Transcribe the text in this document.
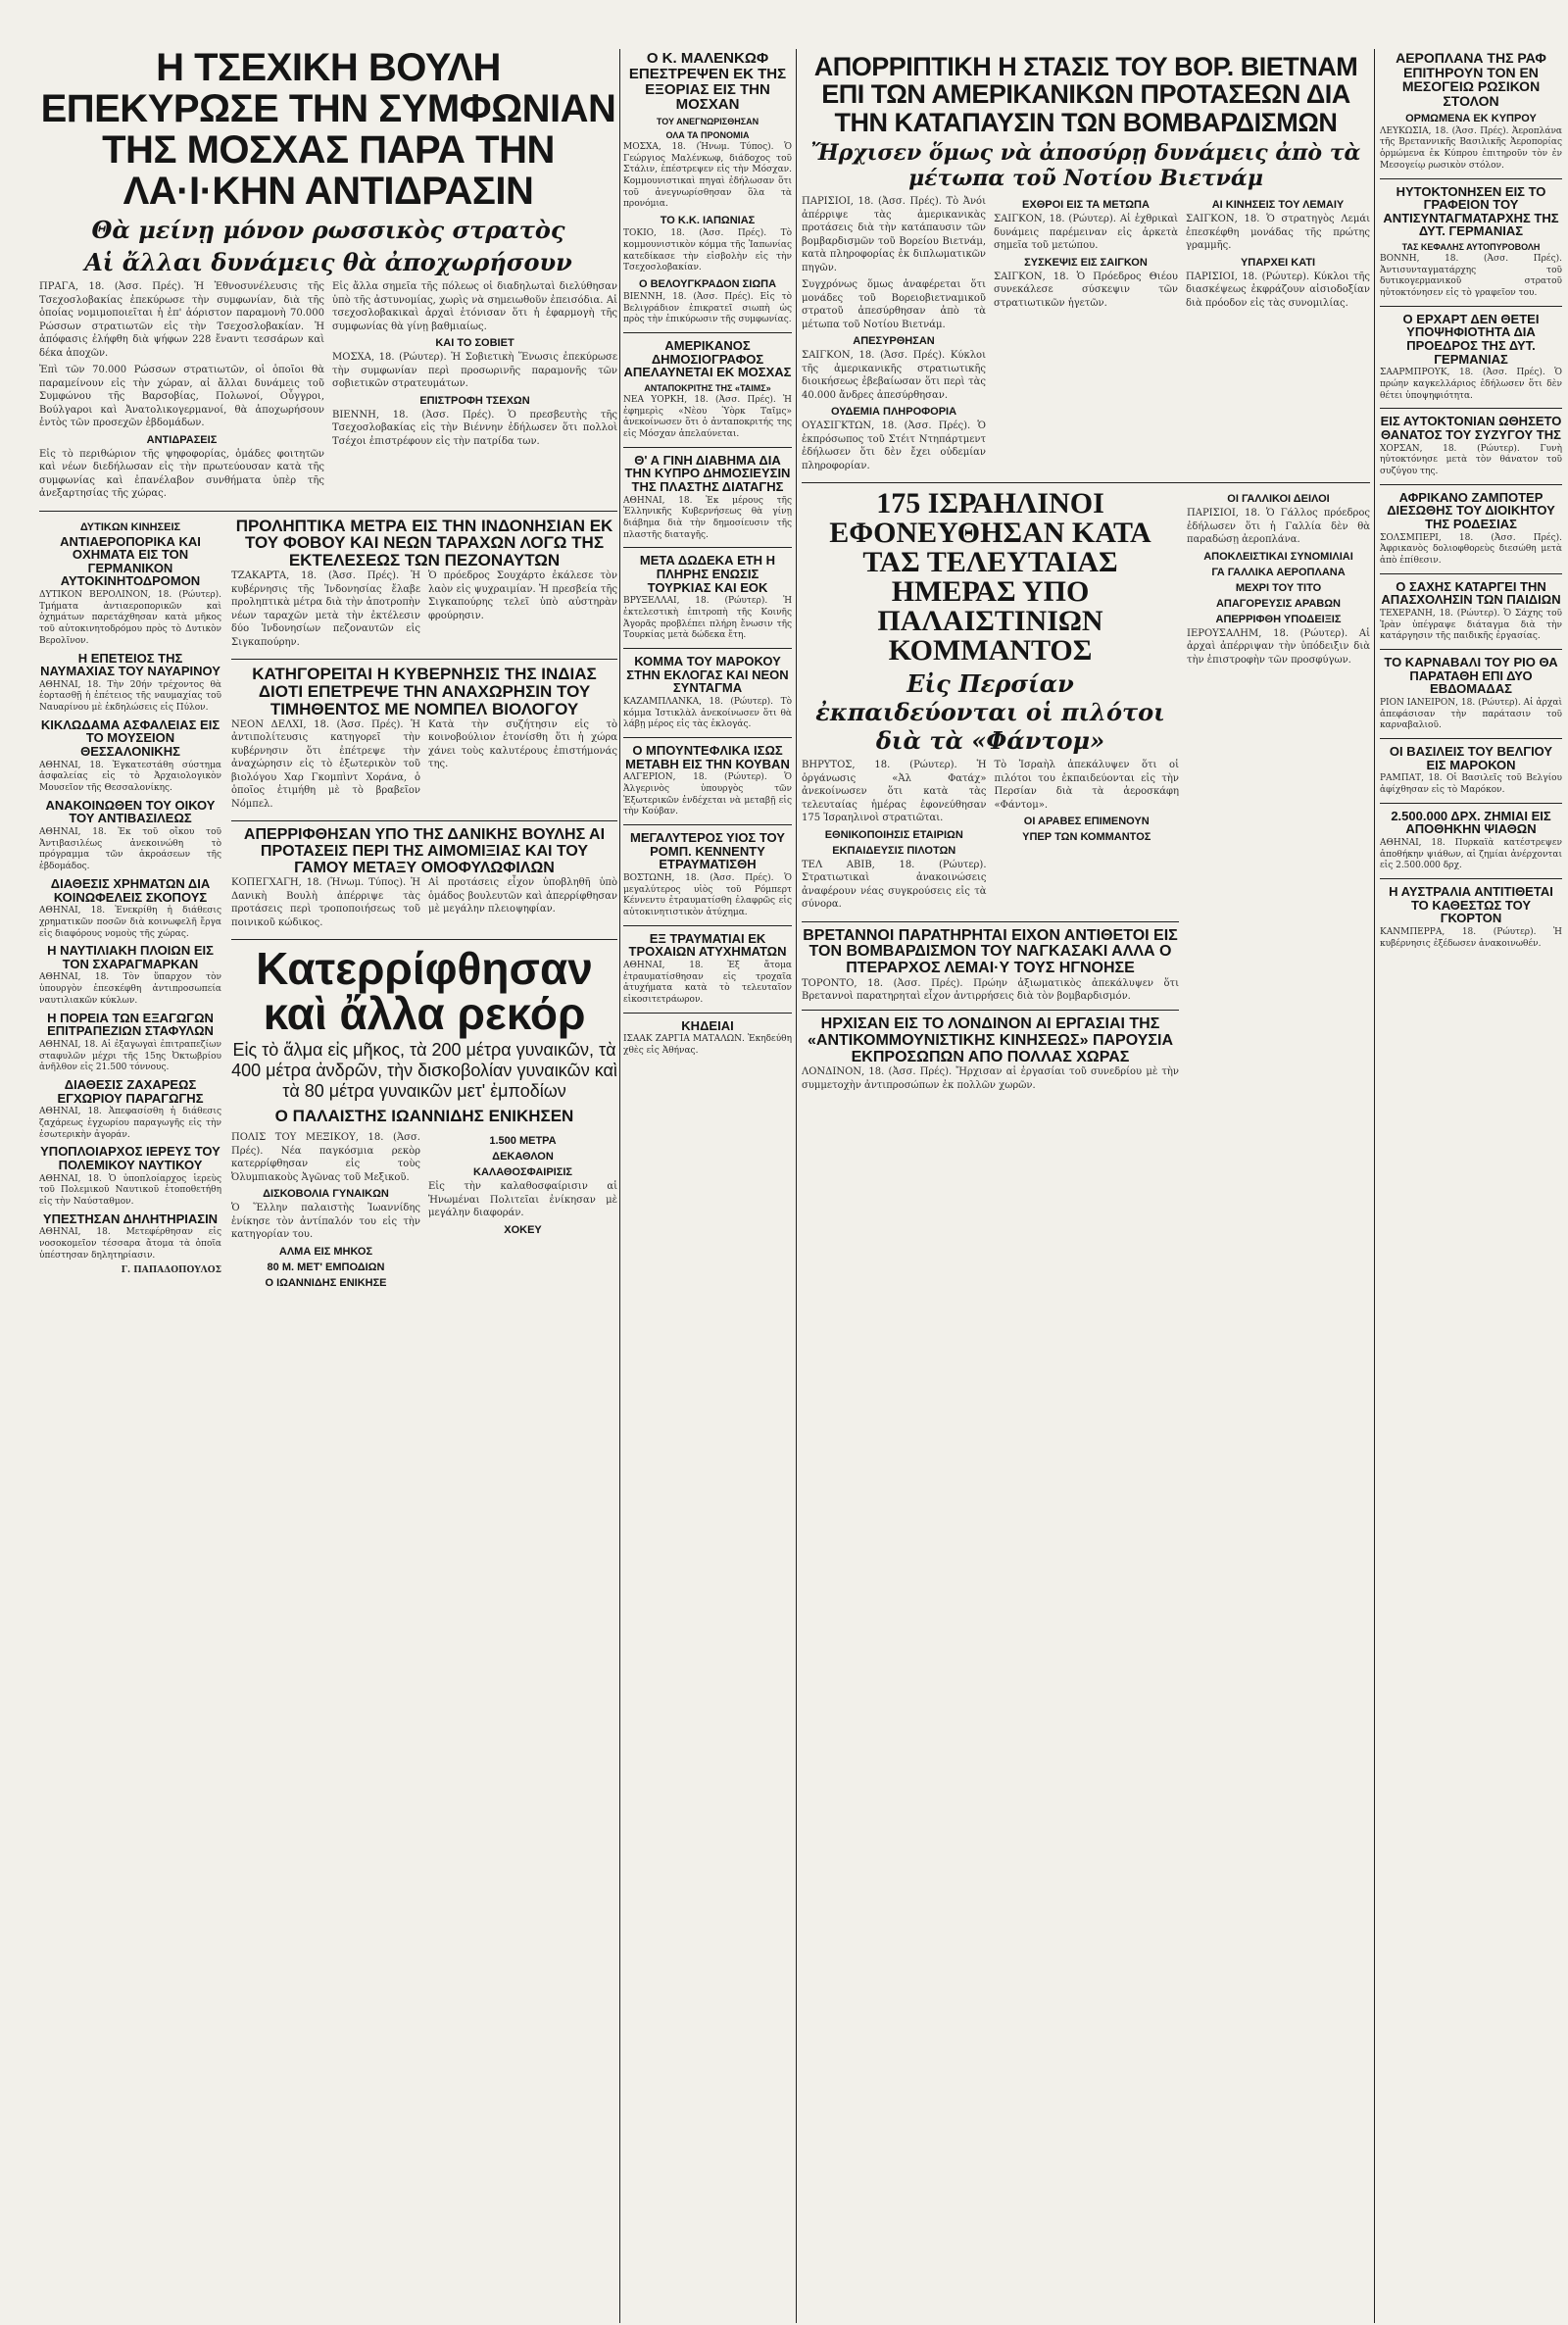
Η ΤΣΕΧΙΚΗ ΒΟΥΛΗ ΕΠΕΚΥΡΩΣΕ ΤΗΝ ΣΥΜΦΩΝΙΑΝ ΤΗΣ ΜΟΣΧΑΣ ΠΑΡΑ ΤΗΝ ΛΑ·Ι·ΚΗΝ ΑΝΤΙΔΡΑΣΙΝ
Θὰ μείνῃ μόνον ρωσσικὸς στρατὸς
Αἱ ἄλλαι δυνάμεις θὰ ἀποχωρήσουν

ΠΡΑΓΑ, 18. (Ἀσσ. Πρές). Ἡ Ἐθνοσυνέλευσις τῆς Τσεχοσλοβακίας ἐπεκύρωσε τὴν συμφωνίαν, διὰ τῆς ὁποίας νομιμοποιεῖται ἡ ἐπ' ἀόριστον παραμονὴ 70.000 Ρώσσων στρατιωτῶν εἰς τὴν Τσεχοσλοβακίαν. Ἡ ἀπόφασις ἐλήφθη διὰ ψήφων 228 ἔναντι τεσσάρων καὶ δέκα ἀποχῶν.

Ἐπὶ τῶν 70.000 Ρώσσων στρατιωτῶν, οἱ ὁποῖοι θὰ παραμείνουν εἰς τὴν χώραν, αἱ ἄλλαι δυνάμεις τοῦ Συμφώνου τῆς Βαρσοβίας, Πολωνοί, Οὖγγροι, Βούλγαροι καὶ Ἀνατολικογερμανοί, θὰ ἀποχωρήσουν ἐντὸς τῶν προσεχῶν ἑβδομάδων.

ΑΝΤΙΔΡΑΣΕΙΣ

Εἰς τὸ περιθώριον τῆς ψηφοφορίας, ὁμάδες φοιτητῶν καὶ νέων διεδήλωσαν εἰς τὴν πρωτεύουσαν κατὰ τῆς συμφωνίας καὶ ἐπανέλαβον συνθήματα ὑπὲρ τῆς ἀνεξαρτησίας τῆς χώρας.

Εἰς ἄλλα σημεῖα τῆς πόλεως οἱ διαδηλωταὶ διελύθησαν ὑπὸ τῆς ἀστυνομίας, χωρὶς νὰ σημειωθοῦν ἐπεισόδια. Αἱ τσεχοσλοβακικαὶ ἀρχαὶ ἐτόνισαν ὅτι ἡ ἐφαρμογὴ τῆς συμφωνίας θὰ γίνῃ βαθμιαίως.

ΚΑΙ ΤΟ ΣΟΒΙΕΤ

ΜΟΣΧΑ, 18. (Ρώυτερ). Ἡ Σοβιετικὴ Ἕνωσις ἐπεκύρωσε τὴν συμφωνίαν περὶ προσωρινῆς παραμονῆς τῶν σοβιετικῶν στρατευμάτων.

ΕΠΙΣΤΡΟΦΗ ΤΣΕΧΩΝ

ΒΙΕΝΝΗ, 18. (Ἀσσ. Πρές). Ὁ πρεσβευτὴς τῆς Τσεχοσλοβακίας εἰς τὴν Βιέννην ἐδήλωσεν ὅτι πολλοὶ Τσέχοι ἐπιστρέφουν εἰς τὴν πατρίδα των.

ΔΥΤΙΚΩΝ ΚΙΝΗΣΕΙΣ
ΑΝΤΙΑΕΡΟΠΟΡΙΚΑ ΚΑΙ ΟΧΗΜΑΤΑ ΕΙΣ ΤΟΝ ΓΕΡΜΑΝΙΚΟΝ ΑΥΤΟΚΙΝΗΤΟΔΡΟΜΟΝ

ΔΥΤΙΚΟΝ ΒΕΡΟΛΙΝΟΝ, 18. (Ρώυτερ). Τμήματα ἀντιαεροπορικῶν καὶ ὀχημάτων παρετάχθησαν κατὰ μῆκος τοῦ αὐτοκινητοδρόμου πρὸς τὸ Δυτικὸν Βερολῖνον.

Η ΕΠΕΤΕΙΟΣ ΤΗΣ ΝΑΥΜΑΧΙΑΣ ΤΟΥ ΝΑΥΑΡΙΝΟΥ

ΑΘΗΝΑΙ, 18. Τὴν 20ήν τρέχοντος θὰ ἑορτασθῇ ἡ ἐπέτειος τῆς ναυμαχίας τοῦ Ναυαρίνου μὲ ἐκδηλώσεις εἰς Πύλον.

ΚΙΚΛΩΔΑΜΑ ΑΣΦΑΛΕΙΑΣ ΕΙΣ ΤΟ ΜΟΥΣΕΙΟΝ ΘΕΣΣΑΛΟΝΙΚΗΣ

ΑΘΗΝΑΙ, 18. Ἐγκατεστάθη σύστημα ἀσφαλείας εἰς τὸ Ἀρχαιολογικὸν Μουσεῖον τῆς Θεσσαλονίκης.

ΑΝΑΚΟΙΝΩΘΕΝ ΤΟΥ ΟΙΚΟΥ ΤΟΥ ΑΝΤΙΒΑΣΙΛΕΩΣ

ΑΘΗΝΑΙ, 18. Ἐκ τοῦ οἴκου τοῦ Ἀντιβασιλέως ἀνεκοινώθη τὸ πρόγραμμα τῶν ἀκροάσεων τῆς ἑβδομάδος.

ΔΙΑΘΕΣΙΣ ΧΡΗΜΑΤΩΝ ΔΙΑ ΚΟΙΝΩΦΕΛΕΙΣ ΣΚΟΠΟΥΣ

ΑΘΗΝΑΙ, 18. Ἐνεκρίθη ἡ διάθεσις χρηματικῶν ποσῶν διὰ κοινωφελῆ ἔργα εἰς διαφόρους νομοὺς τῆς χώρας.

Η ΝΑΥΤΙΛΙΑΚΗ ΠΛΟΙΩΝ ΕΙΣ ΤΟΝ ΣΧΑΡΑΓΜΑΡΚΑΝ

ΑΘΗΝΑΙ, 18. Τὸν ὕπαρχον τὸν ὑπουργὸν ἐπεσκέφθη ἀντιπροσωπεία ναυτιλιακῶν κύκλων.

Η ΠΟΡΕΙΑ ΤΩΝ ΕΞΑΓΩΓΩΝ ΕΠΙΤΡΑΠΕΖΙΩΝ ΣΤΑΦΥΛΩΝ

ΑΘΗΝΑΙ, 18. Αἱ ἐξαγωγαὶ ἐπιτραπεζίων σταφυλῶν μέχρι τῆς 15ης Ὀκτωβρίου ἀνῆλθον εἰς 21.500 τόννους.

ΔΙΑΘΕΣΙΣ ΖΑΧΑΡΕΩΣ ΕΓΧΩΡΙΟΥ ΠΑΡΑΓΩΓΗΣ

ΑΘΗΝΑΙ, 18. Ἀπεφασίσθη ἡ διάθεσις ζαχάρεως ἐγχωρίου παραγωγῆς εἰς τὴν ἐσωτερικὴν ἀγοράν.

ΥΠΟΠΛΟΙΑΡΧΟΣ ΙΕΡΕΥΣ ΤΟΥ ΠΟΛΕΜΙΚΟΥ ΝΑΥΤΙΚΟΥ

ΑΘΗΝΑΙ, 18. Ὁ ὑποπλοίαρχος ἱερεὺς τοῦ Πολεμικοῦ Ναυτικοῦ ἐτοποθετήθη εἰς τὴν Ναύσταθμον.

ΥΠΕΣΤΗΣΑΝ ΔΗΛΗΤΗΡΙΑΣΙΝ

ΑΘΗΝΑΙ, 18. Μετεφέρθησαν εἰς νοσοκομεῖον τέσσαρα ἄτομα τὰ ὁποῖα ὑπέστησαν δηλητηρίασιν.

Γ. ΠΑΠΑΔΟΠΟΥΛΟΣ

ΠΡΟΛΗΠΤΙΚΑ ΜΕΤΡΑ ΕΙΣ ΤΗΝ ΙΝΔΟΝΗΣΙΑΝ ΕΚ ΤΟΥ ΦΟΒΟΥ ΚΑΙ ΝΕΩΝ ΤΑΡΑΧΩΝ ΛΟΓΩ ΤΗΣ ΕΚΤΕΛΕΣΕΩΣ ΤΩΝ ΠΕΖΟΝΑΥΤΩΝ

ΤΖΑΚΑΡΤΑ, 18. (Ἀσσ. Πρές). Ἡ κυβέρνησις τῆς Ἰνδονησίας ἔλαβε προληπτικὰ μέτρα διὰ τὴν ἀποτροπὴν νέων ταραχῶν μετὰ τὴν ἐκτέλεσιν δύο Ἰνδονησίων πεζοναυτῶν εἰς Σιγκαπούρην.

Ὁ πρόεδρος Σουχάρτο ἐκάλεσε τὸν λαὸν εἰς ψυχραιμίαν. Ἡ πρεσβεία τῆς Σιγκαπούρης τελεῖ ὑπὸ αὐστηρὰν φρούρησιν.

ΚΑΤΗΓΟΡΕΙΤΑΙ Η ΚΥΒΕΡΝΗΣΙΣ ΤΗΣ ΙΝΔΙΑΣ ΔΙΟΤΙ ΕΠΕΤΡΕΨΕ ΤΗΝ ΑΝΑΧΩΡΗΣΙΝ ΤΟΥ ΤΙΜΗΘΕΝΤΟΣ ΜΕ ΝΟΜΠΕΛ ΒΙΟΛΟΓΟΥ

ΝΕΟΝ ΔΕΛΧΙ, 18. (Ἀσσ. Πρές). Ἡ ἀντιπολίτευσις κατηγορεῖ τὴν κυβέρνησιν ὅτι ἐπέτρεψε τὴν ἀναχώρησιν εἰς τὸ ἐξωτερικὸν τοῦ βιολόγου Χαρ Γκομπὶντ Χοράνα, ὁ ὁποῖος ἐτιμήθη μὲ τὸ βραβεῖον Νόμπελ.

Κατὰ τὴν συζήτησιν εἰς τὸ κοινοβούλιον ἐτονίσθη ὅτι ἡ χώρα χάνει τοὺς καλυτέρους ἐπιστήμονάς της.

ΑΠΕΡΡΙΦΘΗΣΑΝ ΥΠΟ ΤΗΣ ΔΑΝΙΚΗΣ ΒΟΥΛΗΣ ΑΙ ΠΡΟΤΑΣΕΙΣ ΠΕΡΙ ΤΗΣ ΑΙΜΟΜΙΞΙΑΣ ΚΑΙ ΤΟΥ ΓΑΜΟΥ ΜΕΤΑΞΥ ΟΜΟΦΥΛΩΦΙΛΩΝ

ΚΟΠΕΓΧΑΓΗ, 18. (Ἡνωμ. Τύπος). Ἡ Δανικὴ Βουλὴ ἀπέρριψε τὰς προτάσεις περὶ τροποποιήσεως τοῦ ποινικοῦ κώδικος.

Αἱ προτάσεις εἶχον ὑποβληθῆ ὑπὸ ὁμάδος βουλευτῶν καὶ ἀπερρίφθησαν μὲ μεγάλην πλειοψηφίαν.

Κατερρίφθησαν καὶ ἄλλα ρεκόρ
Εἰς τὸ ἅλμα εἰς μῆκος, τὰ 200 μέτρα γυναικῶν, τὰ 400 μέτρα ἀνδρῶν, τὴν δισκοβολίαν γυναικῶν καὶ τὰ 80 μέτρα γυναικῶν μετ' ἐμποδίων
Ο ΠΑΛΑΙΣΤΗΣ ΙΩΑΝΝΙΔΗΣ ΕΝΙΚΗΣΕΝ

ΠΟΛΙΣ ΤΟΥ ΜΕΞΙΚΟΥ, 18. (Ἀσσ. Πρές). Νέα παγκόσμια ρεκὸρ κατερρίφθησαν εἰς τοὺς Ὀλυμπιακοὺς Ἀγῶνας τοῦ Μεξικοῦ.

ΔΙΣΚΟΒΟΛΙΑ ΓΥΝΑΙΚΩΝ

Ὁ Ἕλλην παλαιστὴς Ἰωαννίδης ἐνίκησε τὸν ἀντίπαλόν του εἰς τὴν κατηγορίαν του.

ΑΛΜΑ ΕΙΣ ΜΗΚΟΣ
80 Μ. ΜΕΤ' ΕΜΠΟΔΙΩΝ
Ο ΙΩΑΝΝΙΔΗΣ ΕΝΙΚΗΣΕ
1.500 ΜΕΤΡΑ
ΔΕΚΑΘΛΟΝ
ΚΑΛΑΘΟΣΦΑΙΡΙΣΙΣ

Εἰς τὴν καλαθοσφαίρισιν αἱ Ἡνωμέναι Πολιτεῖαι ἐνίκησαν μὲ μεγάλην διαφοράν.

ΧΟΚΕΥ
Ο Κ. ΜΑΛΕΝΚΩΦ ΕΠΕΣΤΡΕΨΕΝ ΕΚ ΤΗΣ ΕΞΟΡΙΑΣ ΕΙΣ ΤΗΝ ΜΟΣΧΑΝ
ΤΟΥ ΑΝΕΓΝΩΡΙΣΘΗΣΑΝ
ΟΛΑ ΤΑ ΠΡΟΝΟΜΙΑ

ΜΟΣΧΑ, 18. (Ἡνωμ. Τύπος). Ὁ Γεώργιος Μαλένκωφ, διάδοχος τοῦ Στάλιν, ἐπέστρεψεν εἰς τὴν Μόσχαν. Κομμουνιστικαὶ πηγαὶ ἐδήλωσαν ὅτι τοῦ ἀνεγνωρίσθησαν ὅλα τὰ προνόμια.

ΤΟ Κ.Κ. ΙΑΠΩΝΙΑΣ

ΤΟΚΙΟ, 18. (Ἀσσ. Πρές). Τὸ κομμουνιστικὸν κόμμα τῆς Ἰαπωνίας κατεδίκασε τὴν εἰσβολὴν εἰς τὴν Τσεχοσλοβακίαν.

Ο ΒΕΛΟΥΓΚΡΑΔΟΝ ΣΙΩΠΑ

ΒΙΕΝΝΗ, 18. (Ἀσσ. Πρές). Εἰς τὸ Βελιγράδιον ἐπικρατεῖ σιωπὴ ὡς πρὸς τὴν ἐπικύρωσιν τῆς συμφωνίας.

ΑΜΕΡΙΚΑΝΟΣ ΔΗΜΟΣΙΟΓΡΑΦΟΣ ΑΠΕΛΑΥΝΕΤΑΙ ΕΚ ΜΟΣΧΑΣ
ΑΝΤΑΠΟΚΡΙΤΗΣ ΤΗΣ «ΤΑΙΜΣ»

ΝΕΑ ΥΟΡΚΗ, 18. (Ἀσσ. Πρές). Ἡ ἐφημερὶς «Νὲου Ὑὸρκ Ταῖμς» ἀνεκοίνωσεν ὅτι ὁ ἀνταποκριτής της εἰς Μόσχαν ἀπελαύνεται.

Θ' Α ΓΙΝΗ ΔΙΑΒΗΜΑ ΔΙΑ ΤΗΝ ΚΥΠΡΟ ΔΗΜΟΣΙΕΥΣΙΝ ΤΗΣ ΠΛΑΣΤΗΣ ΔΙΑΤΑΓΗΣ

ΑΘΗΝΑΙ, 18. Ἐκ μέρους τῆς Ἑλληνικῆς Κυβερνήσεως θὰ γίνῃ διάβημα διὰ τὴν δημοσίευσιν τῆς πλαστῆς διαταγῆς.

ΜΕΤΑ ΔΩΔΕΚΑ ΕΤΗ Η ΠΛΗΡΗΣ ΕΝΩΣΙΣ ΤΟΥΡΚΙΑΣ ΚΑΙ ΕΟΚ

ΒΡΥΞΕΛΛΑΙ, 18. (Ρώυτερ). Ἡ ἐκτελεστικὴ ἐπιτροπὴ τῆς Κοινῆς Ἀγορᾶς προβλέπει πλήρη ἔνωσιν τῆς Τουρκίας μετὰ δώδεκα ἔτη.

ΚΟΜΜΑ ΤΟΥ ΜΑΡΟΚΟΥ ΣΤΗΝ ΕΚΛΟΓΑΣ ΚΑΙ ΝΕΟΝ ΣΥΝΤΑΓΜΑ

ΚΑΖΑΜΠΛΑΝΚΑ, 18. (Ρώυτερ). Τὸ κόμμα Ἰστικλὰλ ἀνεκοίνωσεν ὅτι θὰ λάβῃ μέρος εἰς τὰς ἐκλογάς.

Ο ΜΠΟΥΝΤΕΦΛΙΚΑ ΙΣΩΣ ΜΕΤΑΒΗ ΕΙΣ ΤΗΝ ΚΟΥΒΑΝ

ΑΛΓΕΡΙΟΝ, 18. (Ρώυτερ). Ὁ Ἀλγερινὸς ὑπουργὸς τῶν Ἐξωτερικῶν ἐνδέχεται νὰ μεταβῇ εἰς τὴν Κούβαν.

ΜΕΓΑΛΥΤΕΡΟΣ ΥΙΟΣ ΤΟΥ ΡΟΜΠ. ΚΕΝΝΕΝΤΥ ΕΤΡΑΥΜΑΤΙΣΘΗ

ΒΟΣΤΩΝΗ, 18. (Ἀσσ. Πρές). Ὁ μεγαλύτερος υἱὸς τοῦ Ρόμπερτ Κέννεντυ ἐτραυματίσθη ἐλαφρῶς εἰς αὐτοκινητιστικὸν ἀτύχημα.

ΕΞ ΤΡΑΥΜΑΤΙΑΙ ΕΚ ΤΡΟΧΑΙΩΝ ΑΤΥΧΗΜΑΤΩΝ

ΑΘΗΝΑΙ, 18. Ἐξ ἄτομα ἐτραυματίσθησαν εἰς τροχαῖα ἀτυχήματα κατὰ τὸ τελευταῖον εἰκοσιτετράωρον.

ΚΗΔΕΙΑΙ

ΙΣΑΑΚ ΖΑΡΓΙΑ ΜΑΤΑΛΩΝ. Ἐκηδεύθη χθὲς εἰς Ἀθήνας.

ΑΠΟΡΡΙΠΤΙΚΗ Η ΣΤΑΣΙΣ ΤΟΥ ΒΟΡ. ΒΙΕΤΝΑΜ ΕΠΙ ΤΩΝ ΑΜΕΡΙΚΑΝΙΚΩΝ ΠΡΟΤΑΣΕΩΝ ΔΙΑ ΤΗΝ ΚΑΤΑΠΑΥΣΙΝ ΤΩΝ ΒΟΜΒΑΡΔΙΣΜΩΝ
Ἤρχισεν ὅμως νὰ ἀποσύρῃ δυνάμεις ἀπὸ τὰ μέτωπα τοῦ Νοτίου Βιετνάμ

ΠΑΡΙΣΙΟΙ, 18. (Ἀσσ. Πρές). Τὸ Ἀνόι ἀπέρριψε τὰς ἀμερικανικὰς προτάσεις διὰ τὴν κατάπαυσιν τῶν βομβαρδισμῶν τοῦ Βορείου Βιετνάμ, κατὰ πληροφορίας ἐκ διπλωματικῶν πηγῶν.

Συγχρόνως ὅμως ἀναφέρεται ὅτι μονάδες τοῦ Βορειοβιετναμικοῦ στρατοῦ ἀπεσύρθησαν ἀπὸ τὰ μέτωπα τοῦ Νοτίου Βιετνάμ.

ΑΠΕΣΥΡΘΗΣΑΝ

ΣΑΙΓΚΟΝ, 18. (Ἀσσ. Πρές). Κύκλοι τῆς ἀμερικανικῆς στρατιωτικῆς διοικήσεως ἐβεβαίωσαν ὅτι περὶ τὰς 40.000 ἄνδρες ἀπεσύρθησαν.

ΟΥΔΕΜΙΑ ΠΛΗΡΟΦΟΡΙΑ

ΟΥΑΣΙΓΚΤΩΝ, 18. (Ἀσσ. Πρές). Ὁ ἐκπρόσωπος τοῦ Στέιτ Ντηπάρτμεντ ἐδήλωσεν ὅτι δὲν ἔχει οὐδεμίαν πληροφορίαν.

ΕΧΘΡΟΙ ΕΙΣ ΤΑ ΜΕΤΩΠΑ

ΣΑΙΓΚΟΝ, 18. (Ρώυτερ). Αἱ ἐχθρικαὶ δυνάμεις παρέμειναν εἰς ἀρκετὰ σημεῖα τοῦ μετώπου.

ΣΥΣΚΕΨΙΣ ΕΙΣ ΣΑΙΓΚΟΝ

ΣΑΙΓΚΟΝ, 18. Ὁ Πρόεδρος Θιέου συνεκάλεσε σύσκεψιν τῶν στρατιωτικῶν ἡγετῶν.

ΑΙ ΚΙΝΗΣΕΙΣ ΤΟΥ ΛΕΜΑΙΥ

ΣΑΙΓΚΟΝ, 18. Ὁ στρατηγὸς Λεμάι ἐπεσκέφθη μονάδας τῆς πρώτης γραμμῆς.

ΥΠΑΡΧΕΙ ΚΑΤΙ

ΠΑΡΙΣΙΟΙ, 18. (Ρώυτερ). Κύκλοι τῆς διασκέψεως ἐκφράζουν αἰσιοδοξίαν διὰ πρόοδον εἰς τὰς συνομιλίας.

175 ΙΣΡΑΗΛΙΝΟΙ ΕΦΟΝΕΥΘΗΣΑΝ ΚΑΤΑ ΤΑΣ ΤΕΛΕΥΤΑΙΑΣ ΗΜΕΡΑΣ ΥΠΟ ΠΑΛΑΙΣΤΙΝΙΩΝ ΚΟΜΜΑΝΤΟΣ
Εἰς Περσίαν ἐκπαιδεύονται οἱ πιλότοι διὰ τὰ «Φάντομ»

ΒΗΡΥΤΟΣ, 18. (Ρώυτερ). Ἡ ὀργάνωσις «Ἀλ Φατάχ» ἀνεκοίνωσεν ὅτι κατὰ τὰς τελευταίας ἡμέρας ἐφονεύθησαν 175 Ἰσραηλινοὶ στρατιῶται.

ΕΘΝΙΚΟΠΟΙΗΣΙΣ ΕΤΑΙΡΙΩΝ
ΕΚΠΑΙΔΕΥΣΙΣ ΠΙΛΟΤΩΝ

ΤΕΛ ΑΒΙΒ, 18. (Ρώυτερ). Στρατιωτικαὶ ἀνακοινώσεις ἀναφέρουν νέας συγκρούσεις εἰς τὰ σύνορα.

Τὸ Ἰσραὴλ ἀπεκάλυψεν ὅτι οἱ πιλότοι του ἐκπαιδεύονται εἰς τὴν Περσίαν διὰ τὰ ἀεροσκάφη «Φάντομ».

ΟΙ ΑΡΑΒΕΣ ΕΠΙΜΕΝΟΥΝ
ΥΠΕΡ ΤΩΝ ΚΟΜΜΑΝΤΟΣ
ΒΡΕΤΑΝΝΟΙ ΠΑΡΑΤΗΡΗΤΑΙ ΕΙΧΟΝ ΑΝΤΙΘΕΤΟΙ ΕΙΣ ΤΟΝ ΒΟΜΒΑΡΔΙΣΜΟΝ ΤΟΥ ΝΑΓΚΑΣΑΚΙ ΑΛΛΑ Ο ΠΤΕΡΑΡΧΟΣ ΛΕΜΑΙ·Υ ΤΟΥΣ ΗΓΝΟΗΣΕ

ΤΟΡΟΝΤΟ, 18. (Ἀσσ. Πρές). Πρώην ἀξιωματικὸς ἀπεκάλυψεν ὅτι Βρεταννοὶ παρατηρηταὶ εἶχον ἀντιρρήσεις διὰ τὸν βομβαρδισμόν.

ΗΡΧΙΣΑΝ ΕΙΣ ΤΟ ΛΟΝΔΙΝΟΝ ΑΙ ΕΡΓΑΣΙΑΙ ΤΗΣ «ΑΝΤΙΚΟΜΜΟΥΝΙΣΤΙΚΗΣ ΚΙΝΗΣΕΩΣ» ΠΑΡΟΥΣΙΑ ΕΚΠΡΟΣΩΠΩΝ ΑΠΟ ΠΟΛΛΑΣ ΧΩΡΑΣ

ΛΟΝΔΙΝΟΝ, 18. (Ἀσσ. Πρές). Ἤρχισαν αἱ ἐργασίαι τοῦ συνεδρίου μὲ τὴν συμμετοχὴν ἀντιπροσώπων ἐκ πολλῶν χωρῶν.

ΟΙ ΓΑΛΛΙΚΟΙ ΔΕΙΛΟΙ

ΠΑΡΙΣΙΟΙ, 18. Ὁ Γάλλος πρόεδρος ἐδήλωσεν ὅτι ἡ Γαλλία δὲν θὰ παραδώσῃ ἀεροπλάνα.

ΑΠΟΚΛΕΙΣΤΙΚΑΙ ΣΥΝΟΜΙΛΙΑΙ
ΓΑ ΓΑΛΛΙΚΑ ΑΕΡΟΠΛΑΝΑ
ΜΕΧΡΙ ΤΟΥ ΤΙΤΟ
ΑΠΑΓΟΡΕΥΣΙΣ ΑΡΑΒΩΝ
ΑΠΕΡΡΙΦΘΗ ΥΠΟΔΕΙΞΙΣ

ΙΕΡΟΥΣΑΛΗΜ, 18. (Ρώυτερ). Αἱ ἀρχαὶ ἀπέρριψαν τὴν ὑπόδειξιν διὰ τὴν ἐπιστροφὴν τῶν προσφύγων.

ΑΕΡΟΠΛΑΝΑ ΤΗΣ ΡΑΦ ΕΠΙΤΗΡΟΥΝ ΤΟΝ ΕΝ ΜΕΣΟΓΕΙΩ ΡΩΣΙΚΟΝ ΣΤΟΛΟΝ
ΟΡΜΩΜΕΝΑ ΕΚ ΚΥΠΡΟΥ

ΛΕΥΚΩΣΙΑ, 18. (Ἀσσ. Πρές). Ἀεροπλάνα τῆς Βρεταννικῆς Βασιλικῆς Ἀεροπορίας ὁρμώμενα ἐκ Κύπρου ἐπιτηροῦν τὸν ἐν Μεσογείῳ ρωσικὸν στόλον.

ΗΥΤΟΚΤΟΝΗΣΕΝ ΕΙΣ ΤΟ ΓΡΑΦΕΙΟΝ ΤΟΥ ΑΝΤΙΣΥΝΤΑΓΜΑΤΑΡΧΗΣ ΤΗΣ ΔΥΤ. ΓΕΡΜΑΝΙΑΣ
ΤΑΣ ΚΕΦΑΛΗΣ ΑΥΤΟΠΥΡΟΒΟΛΗ

ΒΟΝΝΗ, 18. (Ἀσσ. Πρές). Ἀντισυνταγματάρχης τοῦ δυτικογερμανικοῦ στρατοῦ ηὐτοκτόνησεν εἰς τὸ γραφεῖον του.

Ο ΕΡΧΑΡΤ ΔΕΝ ΘΕΤΕΙ ΥΠΟΨΗΦΙΟΤΗΤΑ ΔΙΑ ΠΡΟΕΔΡΟΣ ΤΗΣ ΔΥΤ. ΓΕΡΜΑΝΙΑΣ

ΣΑΑΡΜΠΡΟΥΚ, 18. (Ἀσσ. Πρές). Ὁ πρώην καγκελλάριος ἐδήλωσεν ὅτι δὲν θέτει ὑποψηφιότητα.

ΕΙΣ ΑΥΤΟΚΤΟΝΙΑΝ ΩΘΗΣΕΤΟ ΘΑΝΑΤΟΣ ΤΟΥ ΣΥΖΥΓΟΥ ΤΗΣ

ΧΟΡΣΑΝ, 18. (Ρώυτερ). Γυνὴ ηὐτοκτόνησε μετὰ τὸν θάνατον τοῦ συζύγου της.

ΑΦΡΙΚΑΝΟ ΖΑΜΠΟΤΕΡ ΔΙΕΣΩΘΗΣ ΤΟΥ ΔΙΟΙΚΗΤΟΥ ΤΗΣ ΡΟΔΕΣΙΑΣ

ΣΟΛΣΜΠΕΡΙ, 18. (Ἀσσ. Πρές). Ἀφρικανὸς δολιοφθορεὺς διεσώθη μετὰ ἀπὸ ἐπίθεσιν.

Ο ΣΑΧΗΣ ΚΑΤΑΡΓΕΙ ΤΗΝ ΑΠΑΣΧΟΛΗΣΙΝ ΤΩΝ ΠΑΙΔΙΩΝ

ΤΕΧΕΡΑΝΗ, 18. (Ρώυτερ). Ὁ Σάχης τοῦ Ἰρὰν ὑπέγραψε διάταγμα διὰ τὴν κατάργησιν τῆς παιδικῆς ἐργασίας.

ΤΟ ΚΑΡΝΑΒΑΛΙ ΤΟΥ ΡΙΟ ΘΑ ΠΑΡΑΤΑΘΗ ΕΠΙ ΔΥΟ ΕΒΔΟΜΑΔΑΣ

ΡΙΟΝ ΙΑΝΕΙΡΟΝ, 18. (Ρώυτερ). Αἱ ἀρχαὶ ἀπεφάσισαν τὴν παράτασιν τοῦ καρναβαλιοῦ.

ΟΙ ΒΑΣΙΛΕΙΣ ΤΟΥ ΒΕΛΓΙΟΥ ΕΙΣ ΜΑΡΟΚΟΝ

ΡΑΜΠΑΤ, 18. Οἱ Βασιλεῖς τοῦ Βελγίου ἀφίχθησαν εἰς τὸ Μαρόκον.

2.500.000 ΔΡΧ. ΖΗΜΙΑΙ ΕΙΣ ΑΠΟΘΗΚΗΝ ΨΙΑΘΩΝ

ΑΘΗΝΑΙ, 18. Πυρκαϊὰ κατέστρεψεν ἀποθήκην ψιάθων, αἱ ζημίαι ἀνέρχονται εἰς 2.500.000 δρχ.

Η ΑΥΣΤΡΑΛΙΑ ΑΝΤΙΤΙΘΕΤΑΙ ΤΟ ΚΑΘΕΣΤΩΣ ΤΟΥ ΓΚΟΡΤΟΝ

ΚΑΝΜΠΕΡΡΑ, 18. (Ρώυτερ). Ἡ κυβέρνησις ἐξέδωσεν ἀνακοινωθέν.
